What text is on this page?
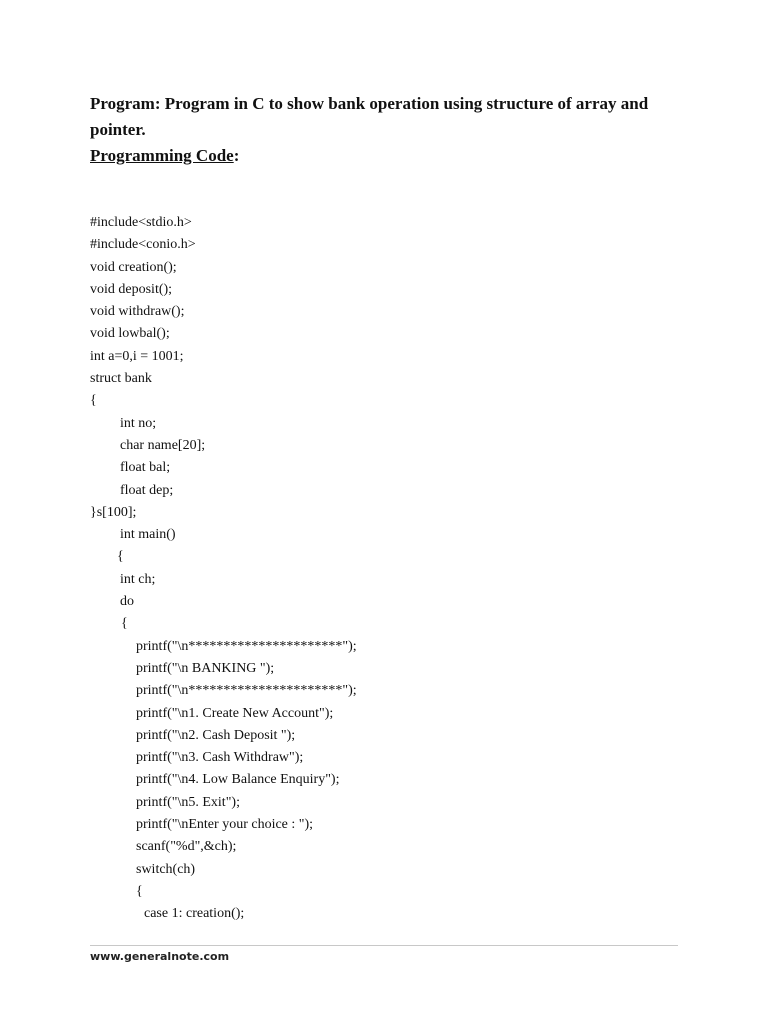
Program: Program in C to show bank operation using structure of array and pointer.

Programming Code:

#include<stdio.h>
#include<conio.h>
void creation();
void deposit();
void withdraw();
void lowbal();
int a=0,i = 1001;
struct bank
{
int no;
char name[20];
float bal;
float dep;
}s[100];
int main()
{
int ch;
do
{
printf("\n**********************");
printf("\n BANKING ");
printf("\n**********************");
printf("\n1. Create New Account");
printf("\n2. Cash Deposit ");
printf("\n3. Cash Withdraw");
printf("\n4. Low Balance Enquiry");
printf("\n5. Exit");
printf("\nEnter your choice : ");
scanf("%d",&ch);
switch(ch)
{
case 1: creation();
www.generalnote.com
